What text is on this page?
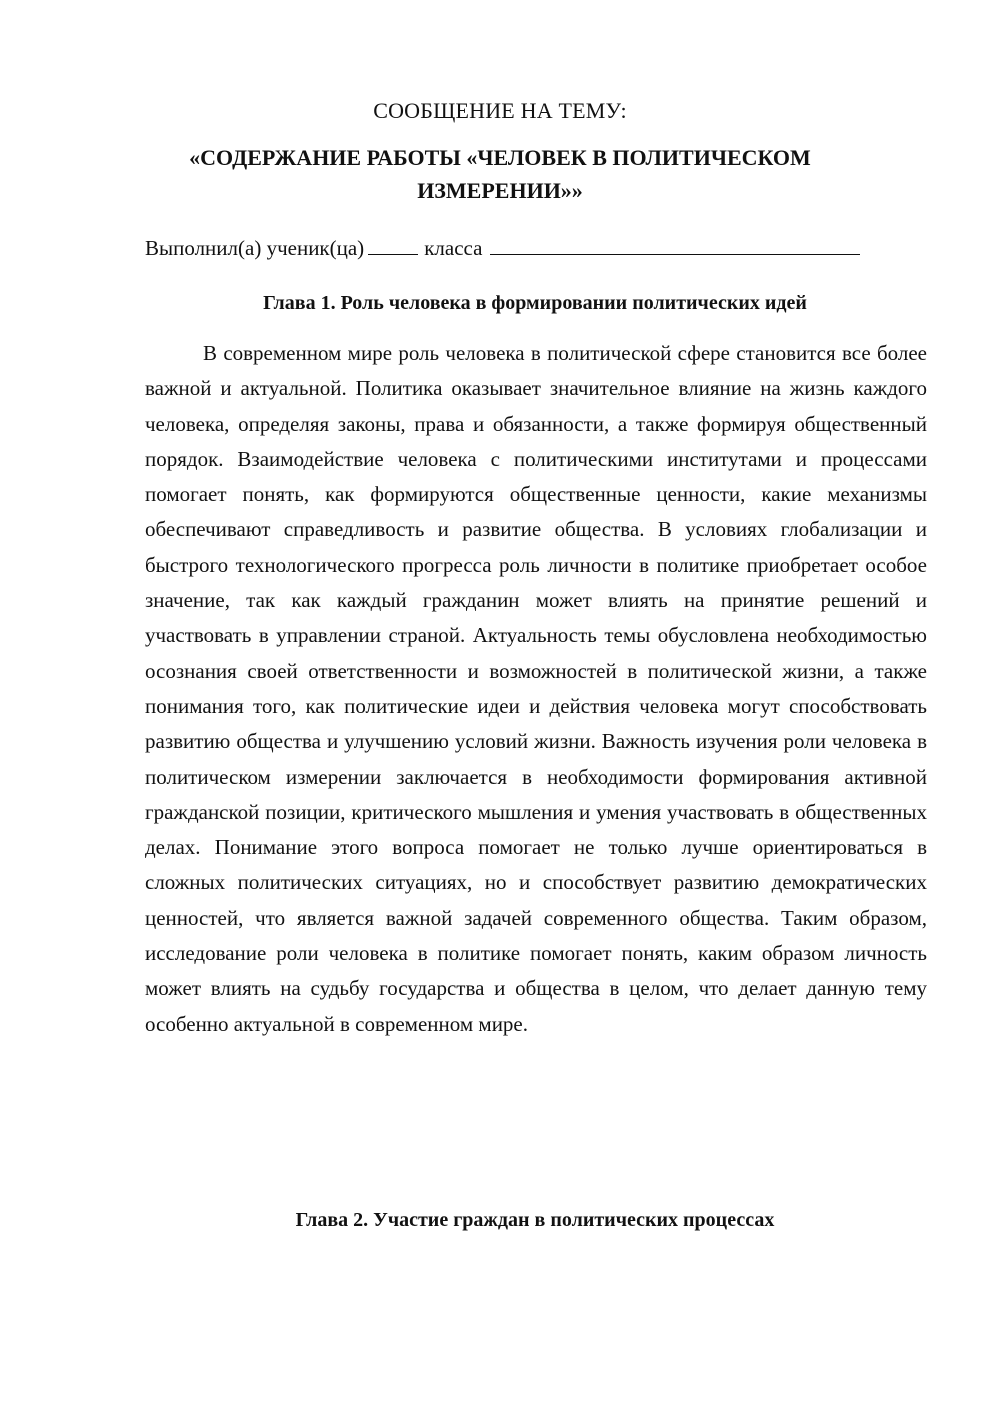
СООБЩЕНИЕ НА ТЕМУ:
«СОДЕРЖАНИЕ РАБОТЫ «ЧЕЛОВЕК В ПОЛИТИЧЕСКОМ ИЗМЕРЕНИИ»»
Выполнил(а) ученик(ца)	класса
Глава 1. Роль человека в формировании политических идей

В современном мире роль человека в политической сфере становится все более важной и актуальной. Политика оказывает значительное влияние на жизнь каждого человека, определяя законы, права и обязанности, а также формируя общественный порядок. Взаимодействие человека с политическими институтами и процессами помогает понять, как формируются общественные ценности, какие механизмы обеспечивают справедливость и развитие общества. В условиях глобализации и быстрого технологического прогресса роль личности в политике приобретает особое значение, так как каждый гражданин может влиять на принятие решений и участвовать в управлении страной. Актуальность темы обусловлена необходимостью осознания своей ответственности и возможностей в политической жизни, а также понимания того, как политические идеи и действия человека могут способствовать развитию общества и улучшению условий жизни. Важность изучения роли человека в политическом измерении заключается в необходимости формирования активной гражданской позиции, критического мышления и умения участвовать в общественных делах. Понимание этого вопроса помогает не только лучше ориентироваться в сложных политических ситуациях, но и способствует развитию демократических ценностей, что является важной задачей современного общества. Таким образом, исследование роли человека в политике помогает понять, каким образом личность может влиять на судьбу государства и общества в целом, что делает данную тему особенно актуальной в современном мире.

Глава 2. Участие граждан в политических процессах
